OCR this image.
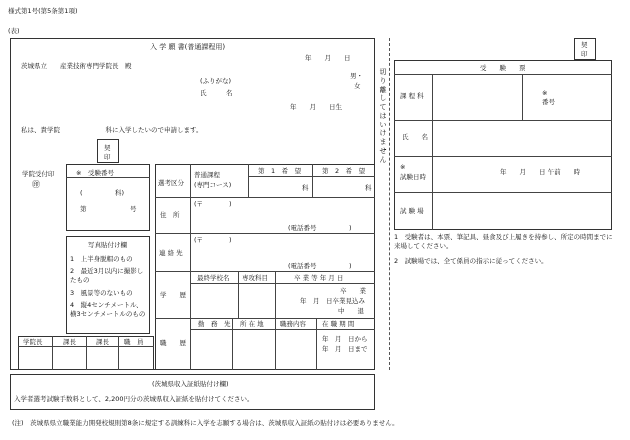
様式第1号(第5条第1項)
(表)
入 学 願 書(普通課程用)
年　　月　　日
茨城県立　　産業技術専門学院長　殿
(ふりがな)
氏　　　名
男・
女
年　　月　　日生
私は、貴学院　　　　　　　科に入学したいので申請します。
契
印
学院受付印
㊞
※　受験番号
(	科)
第	号
写真貼付け欄
1　上半身脱帽のもの
2　最近3月以内に撮影したもの
3　風景等のないもの
4　縦4センチメートル、横3センチメートルのもの
学院長	課長	課長 職　員
選考区分
普通課程
(専門コース)
第　1　希　望	第　2　希　望
科	科
住　所
(〒　　　　)
(電話番号　　　　　)
連 絡 先
(〒　　　　)
(電話番号　　　　　)
学　　歴
最終学校名 専攻科目	卒 業 等 年 月 日
卒　　業
年　月　日卒業見込み
中　　退
職　　歴
勤　務　先 所 在 地	職務内容 在 職 期 間
年　月　日から
年　月　日まで
切り離してはいけません
契
印
受　　験　　票
課 程 科	※
番号
氏　　名
※
試験日時
年　　月　　日 午前　　時
試 験 場
1　受験者は、本票、筆記具、昼食及び上履きを持参し、所定の時間までに来場してください。
2　試験場では、全て係員の指示に従ってください。
(茨城県収入証紙貼付け欄)
入学者選考試験手数料として、2,200円分の茨城県収入証紙を貼付けてください。
(注)　茨城県県立職業能力開発校規則第8条に規定する訓練科に入学を志願する場合は、茨城県収入証紙の貼付けは必要ありません。
